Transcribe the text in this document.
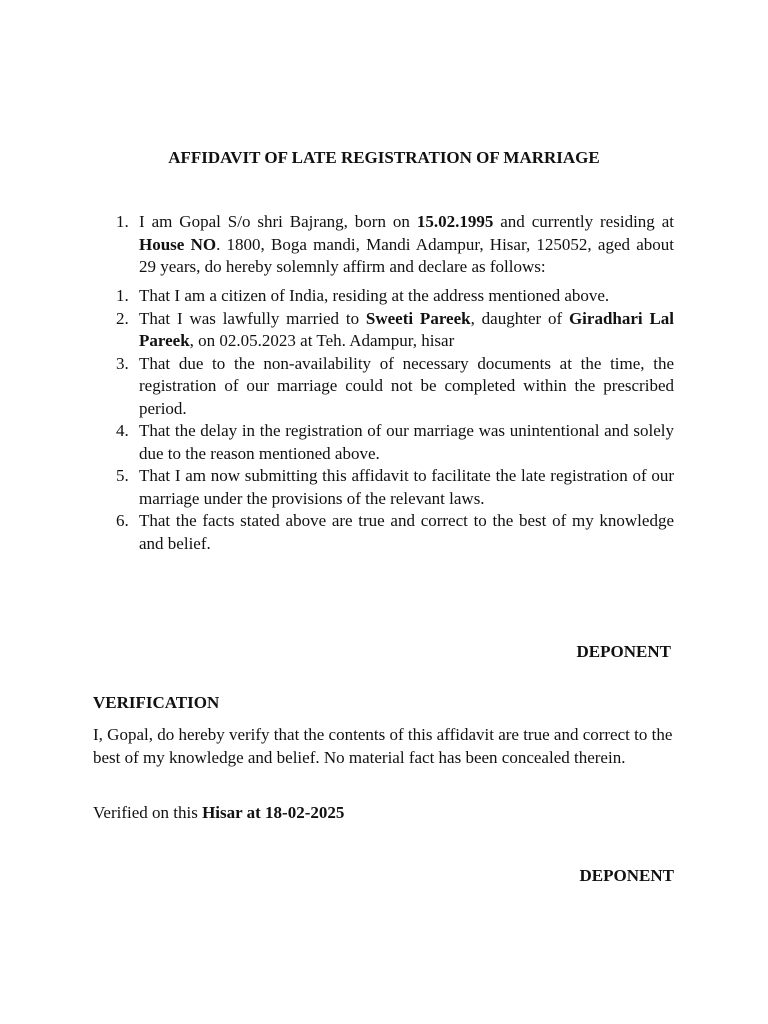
AFFIDAVIT OF LATE REGISTRATION OF MARRIAGE
1. I am Gopal S/o shri Bajrang, born on 15.02.1995 and currently residing at House NO. 1800, Boga mandi, Mandi Adampur, Hisar, 125052, aged about 29 years, do hereby solemnly affirm and declare as follows:
1. That I am a citizen of India, residing at the address mentioned above.
2. That I was lawfully married to Sweeti Pareek, daughter of Giradhari Lal Pareek, on 02.05.2023 at Teh. Adampur, hisar
3. That due to the non-availability of necessary documents at the time, the registration of our marriage could not be completed within the prescribed period.
4. That the delay in the registration of our marriage was unintentional and solely due to the reason mentioned above.
5. That I am now submitting this affidavit to facilitate the late registration of our marriage under the provisions of the relevant laws.
6. That the facts stated above are true and correct to the best of my knowledge and belief.

DEPONENT

VERIFICATION

I, Gopal, do hereby verify that the contents of this affidavit are true and correct to the best of my knowledge and belief. No material fact has been concealed therein.

Verified on this Hisar at 18-02-2025

DEPONENT
